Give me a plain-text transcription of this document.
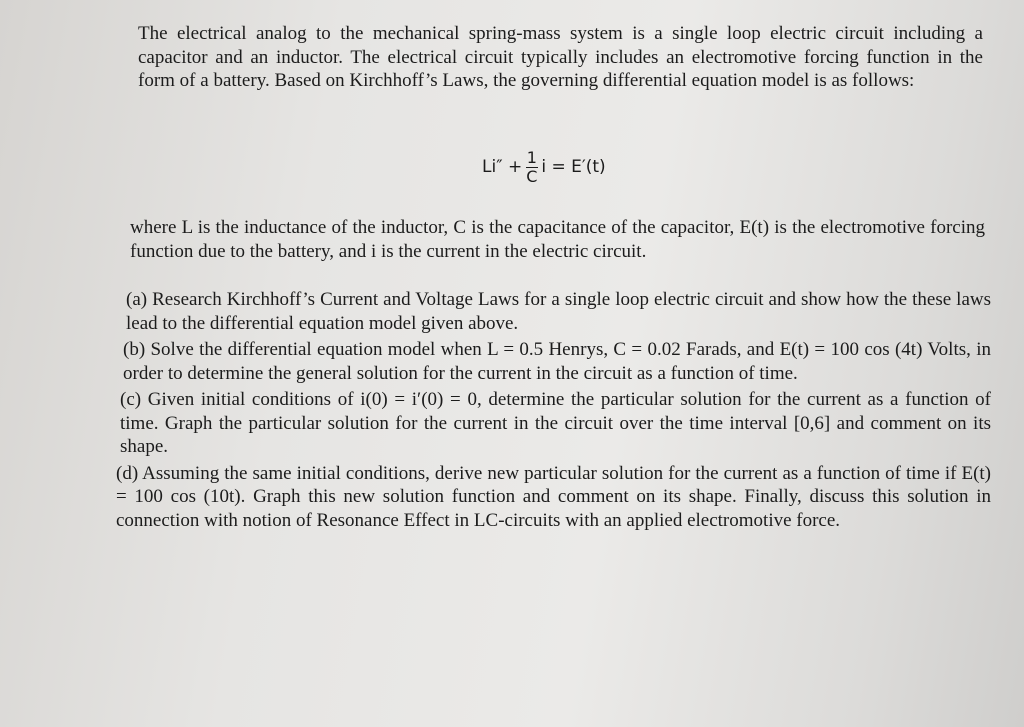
The electrical analog to the mechanical spring-mass system is a single loop electric circuit including a capacitor and an inductor. The electrical circuit typically includes an electromotive forcing function in the form of a battery. Based on Kirchhoff’s Laws, the governing differential equation model is as follows:

$Li'' + \frac{1}{C}$ i = E′(t)

where L is the inductance of the inductor, C is the capacitance of the capacitor, E(t) is the electromotive forcing function due to the battery, and i is the current in the electric circuit.

(a) Research Kirchhoff’s Current and Voltage Laws for a single loop electric circuit and show how the these laws lead to the differential equation model given above.

(b) Solve the differential equation model when L = 0.5 Henrys, C = 0.02 Farads, and E(t) = 100 cos (4t) Volts, in order to determine the general solution for the current in the circuit as a function of time.

(c) Given initial conditions of i(0) = i′(0) = 0, determine the particular solution for the current as a function of time. Graph the particular solution for the current in the circuit over the time interval [0,6] and comment on its shape.

(d) Assuming the same initial conditions, derive new particular solution for the current as a function of time if E(t) = 100 cos (10t). Graph this new solution function and comment on its shape. Finally, discuss this solution in connection with notion of Resonance Effect in LC-circuits with an applied electromotive force.
